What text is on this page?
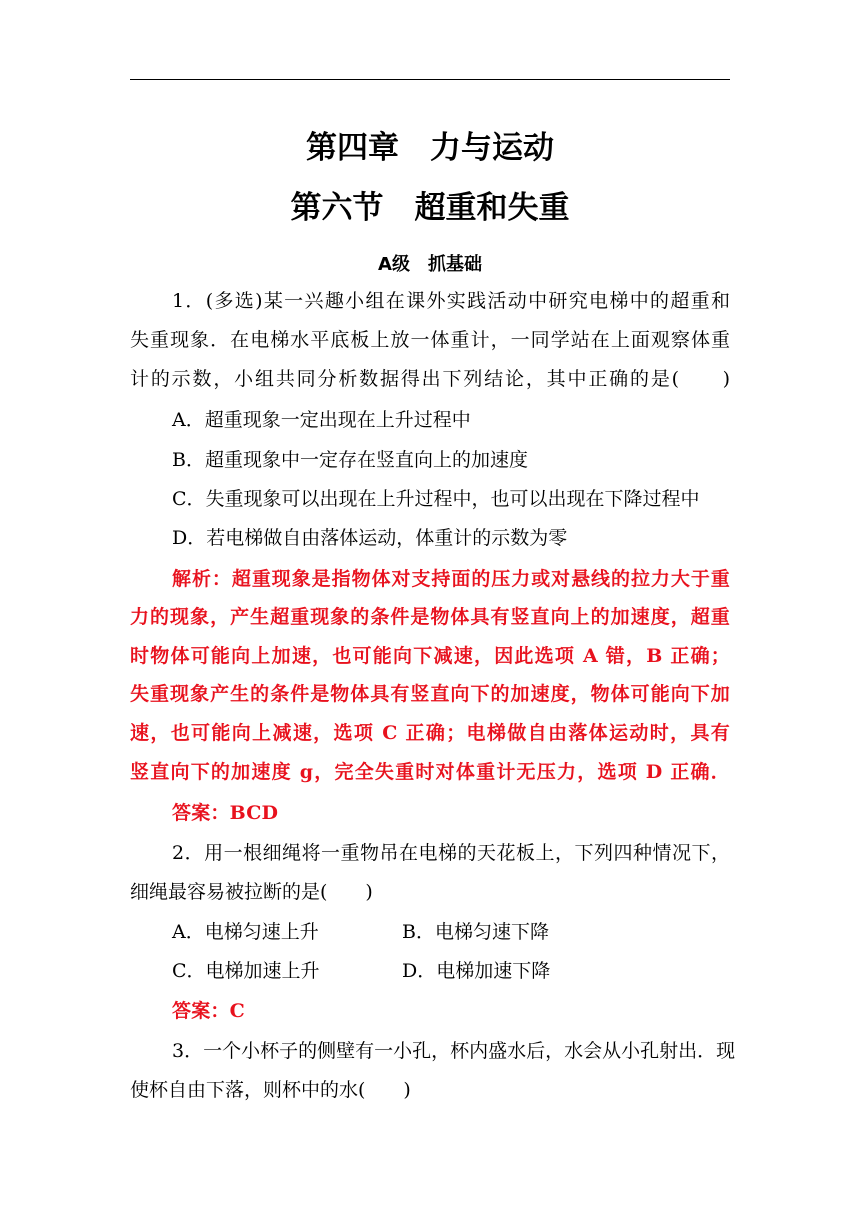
第四章　力与运动
第六节　超重和失重
A级　抓基础
1．(多选)某一兴趣小组在课外实践活动中研究电梯中的超重和
失重现象．在电梯水平底板上放一体重计，一同学站在上面观察体重
计的示数，小组共同分析数据得出下列结论，其中正确的是(　　)
A．超重现象一定出现在上升过程中
B．超重现象中一定存在竖直向上的加速度
C．失重现象可以出现在上升过程中，也可以出现在下降过程中
D．若电梯做自由落体运动，体重计的示数为零
解析：超重现象是指物体对支持面的压力或对悬线的拉力大于重
力的现象，产生超重现象的条件是物体具有竖直向上的加速度，超重
时物体可能向上加速，也可能向下减速，因此选项 A 错，B 正确；
失重现象产生的条件是物体具有竖直向下的加速度，物体可能向下加
速，也可能向上减速，选项 C 正确；电梯做自由落体运动时，具有
竖直向下的加速度 g，完全失重时对体重计无压力，选项 D 正确．
答案：BCD
2．用一根细绳将一重物吊在电梯的天花板上，下列四种情况下，
细绳最容易被拉断的是(　　)
A．电梯匀速上升	B．电梯匀速下降
C．电梯加速上升	D．电梯加速下降
答案：C
3．一个小杯子的侧壁有一小孔，杯内盛水后，水会从小孔射出．现
使杯自由下落，则杯中的水(　　)
